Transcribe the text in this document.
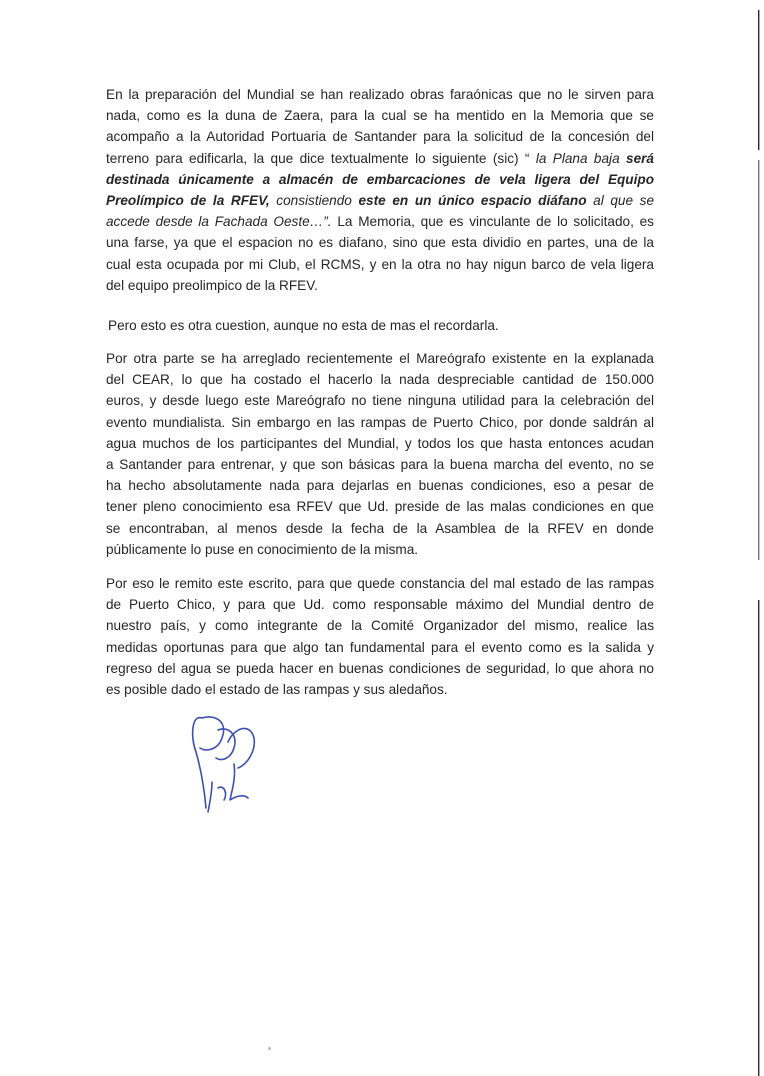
En la preparación del Mundial se han realizado obras faraónicas que no le sirven para
nada, como es la duna de Zaera, para la cual se ha mentido en la Memoria que se
acompaño a la Autoridad Portuaria de Santander para la solicitud de la concesión del
terreno para edificarla, la que dice textualmente lo siguiente (sic) “ la Plana baja será
destinada únicamente a almacén de embarcaciones de vela ligera del Equipo
Preolímpico de la RFEV, consistiendo este en un único espacio diáfano al que se
accede desde la Fachada Oeste…”. La Memoria, que es vinculante de lo solicitado, es
una farse, ya que el espacion no es diafano, sino que esta dividio en partes, una de la
cual esta ocupada por mi Club, el RCMS, y en la otra no hay nigun barco de vela ligera
del equipo preolimpico de la RFEV.

Pero esto es otra cuestion, aunque no esta de mas el recordarla.

Por otra parte se ha arreglado recientemente el Mareógrafo existente en la explanada
del CEAR, lo que ha costado el hacerlo la nada despreciable cantidad de 150.000
euros, y desde luego este Mareógrafo no tiene ninguna utilidad para la celebración del
evento mundialista. Sin embargo en las rampas de Puerto Chico, por donde saldrán al
agua muchos de los participantes del Mundial, y todos los que hasta entonces acudan
a Santander para entrenar, y que son básicas para la buena marcha del evento, no se
ha hecho absolutamente nada para dejarlas en buenas condiciones, eso a pesar de
tener pleno conocimiento esa RFEV que Ud. preside de las malas condiciones en que
se encontraban, al menos desde la fecha de la Asamblea de la RFEV en donde
públicamente lo puse en conocimiento de la misma.

Por eso le remito este escrito, para que quede constancia del mal estado de las rampas
de Puerto Chico, y para que Ud. como responsable máximo del Mundial dentro de
nuestro país, y como integrante de la Comité Organizador del mismo, realice las
medidas oportunas para que algo tan fundamental para el evento como es la salida y
regreso del agua se pueda hacer en buenas condiciones de seguridad, lo que ahora no
es posible dado el estado de las rampas y sus aledaños.
